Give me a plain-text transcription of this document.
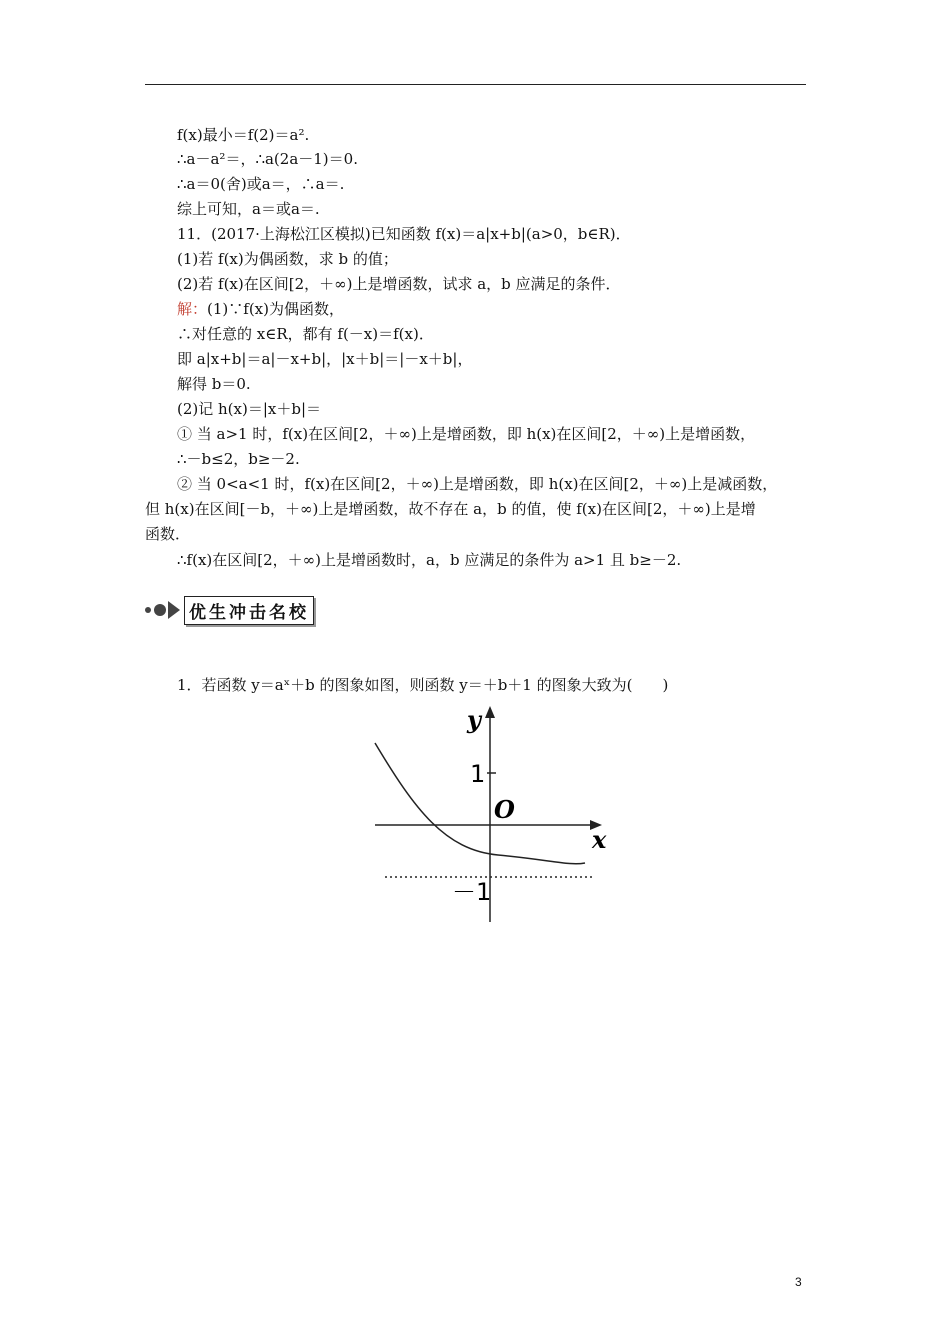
f(x)最小＝f(2)＝a².
∴a－a²＝，∴a(2a－1)＝0.
∴a＝0(舍)或a＝，∴a＝.
综上可知，a＝或a＝.
11．(2017·上海松江区模拟)已知函数 f(x)＝a|x+b|(a>0，b∈R)．
(1)若 f(x)为偶函数，求 b 的值；
(2)若 f(x)在区间[2，＋∞)上是增函数，试求 a，b 应满足的条件．
解：(1)∵f(x)为偶函数，
∴对任意的 x∈R，都有 f(－x)＝f(x)．
即 a|x+b|＝a|－x+b|，|x＋b|＝|－x＋b|，
解得 b＝0.
(2)记 h(x)＝|x＋b|＝
① 当 a>1 时，f(x)在区间[2，＋∞)上是增函数，即 h(x)在区间[2，＋∞)上是增函数，
∴－b≤2，b≥－2.
② 当 0<a<1 时，f(x)在区间[2，＋∞)上是增函数，即 h(x)在区间[2，＋∞)上是减函数，
但 h(x)在区间[－b，＋∞)上是增函数，故不存在 a，b 的值，使 f(x)在区间[2，＋∞)上是增
函数．
∴f(x)在区间[2，＋∞)上是增函数时，a，b 应满足的条件为 a>1 且 b≥－2.
优生冲击名校
1．若函数 y＝aˣ＋b 的图象如图，则函数 y＝＋b＋1 的图象大致为(　　)
y
x
O
1
－1
3
